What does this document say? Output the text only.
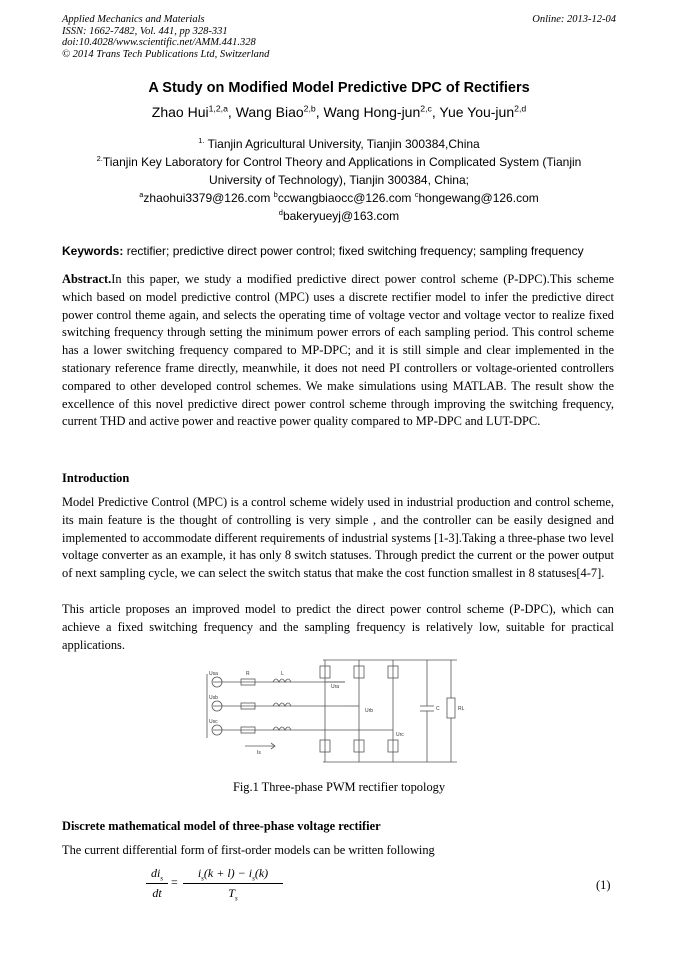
Applied Mechanics and Materials
ISSN: 1662-7482, Vol. 441, pp 328-331
doi:10.4028/www.scientific.net/AMM.441.328
© 2014 Trans Tech Publications Ltd, Switzerland
Online: 2013-12-04
A Study on Modified Model Predictive DPC of Rectifiers
Zhao Hui$^{1,2,a}$, Wang Biao$^{2,b}$, Wang Hong-jun$^{2,c}$, Yue You-jun$^{2,d}$
$^{1.}$ Tianjin Agricultural University, Tianjin 300384,China
$^{2.}$Tianjin Key Laboratory for Control Theory and Applications in Complicated System (Tianjin
University of Technology), Tianjin 300384, China;
$^a$zhaohui3379@126.com $^b$ccwangbiaocc@126.com $^c$hongewang@126.com
$^d$bakeryueyj@163.com
Keywords: rectifier; predictive direct power control; fixed switching frequency; sampling frequency
Abstract.In this paper, we study a modified predictive direct power control scheme (P-DPC).This scheme which based on model predictive control (MPC) uses a discrete rectifier model to infer the predictive direct power control theme again, and selects the operating time of voltage vector and voltage vector to realize fixed switching frequency through setting the minimum power errors of each sampling period. This control scheme has a lower switching frequency compared to MP-DPC; and it is still simple and clear implemented in the stationary reference frame directly, meanwhile, it does not need PI controllers or voltage-oriented controllers compared to other developed control schemes. We make simulations using MATLAB. The result show the excellence of this novel predictive direct power control scheme through improving the switching frequency, current THD and active power and reactive power quality compared to MP-DPC and LUT-DPC.
Introduction
Model Predictive Control (MPC) is a control scheme widely used in industrial production and control scheme, its main feature is the thought of controlling is very simple , and the controller can be easily designed and implemented to accommodate different requirements of industrial systems [1-3].Taking a three-phase two level voltage converter as an example, it has only 8 switch statuses. Through predict the current or the power output of next sampling cycle, we can select the switch status that make the cost function smallest in 8 statuses[4-7].
This article proposes an improved model to predict the direct power control scheme (P-DPC), which can achieve a fixed switching frequency and the sampling frequency is relatively low, suitable for practical applications.
Usa
Usb
Usc
R	L
Ura
Urb
Urc
Is
C	RL
Fig.1 Three-phase PWM rectifier topology
Discrete mathematical model of three-phase voltage rectifier
The current differential form of first-order models can be written following
$di_s$
dt
=
$i_s(k + l) - i_s(k)$
$T_s$
(1)
